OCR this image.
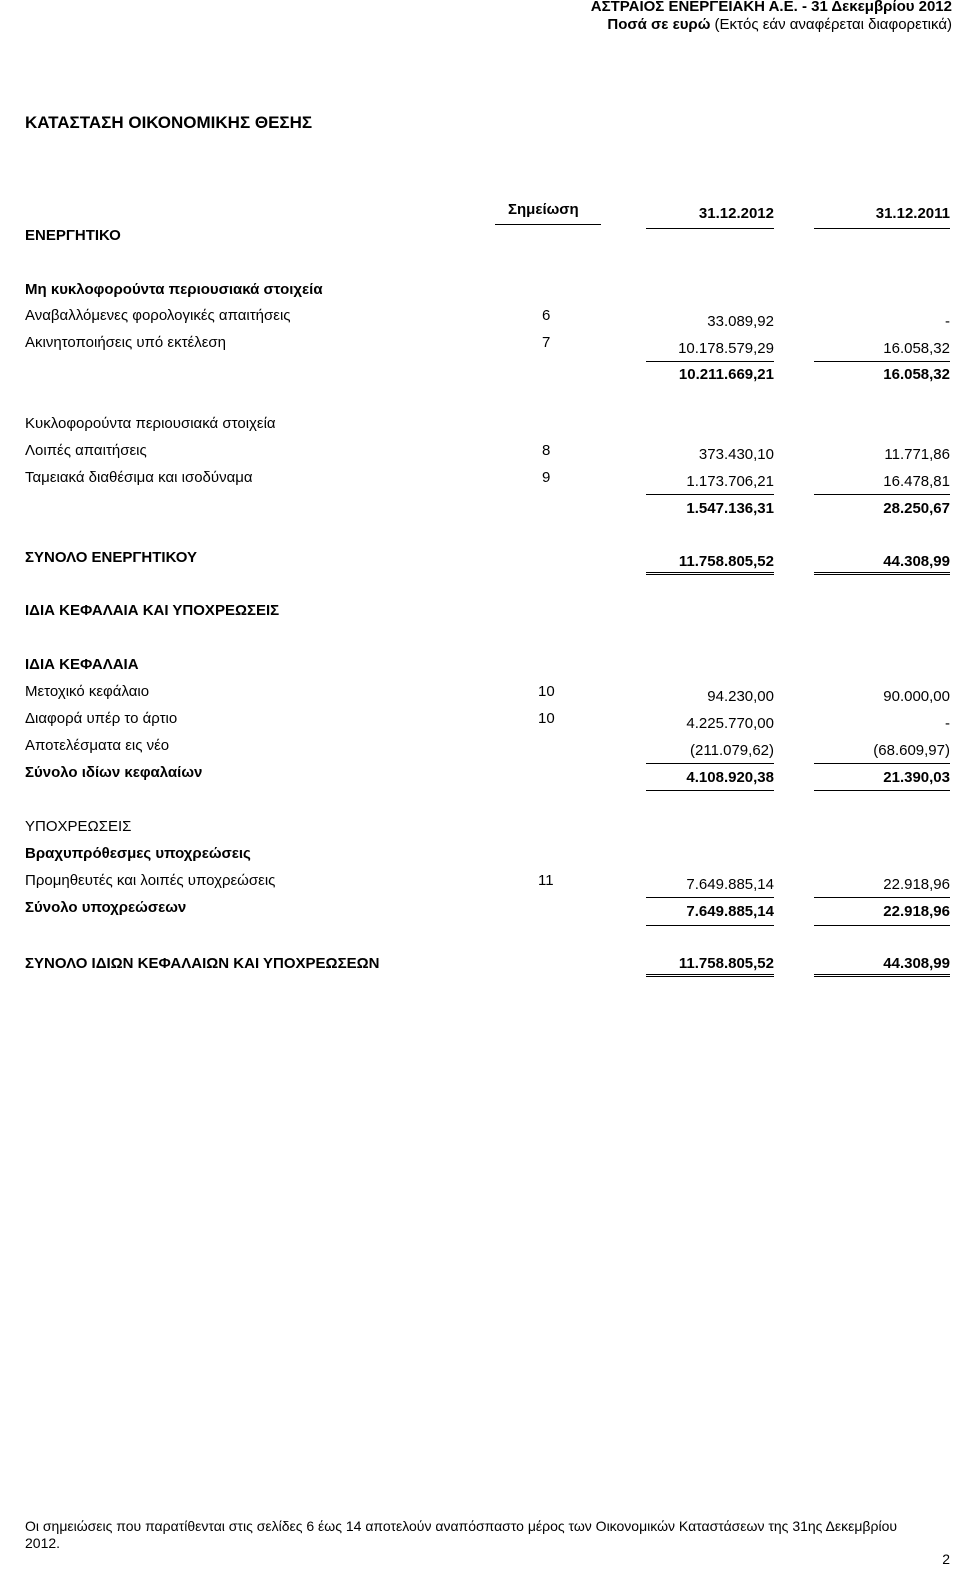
ΑΣΤΡΑΙΟΣ ΕΝΕΡΓΕΙΑΚΗ Α.Ε. - 31 Δεκεμβρίου 2012
Ποσά σε ευρώ (Εκτός εάν αναφέρεται διαφορετικά)
ΚΑΤΑΣΤΑΣΗ ΟΙΚΟΝΟΜΙΚΗΣ ΘΕΣΗΣ
Σημείωση	31.12.2012	31.12.2011
ΕΝΕΡΓΗΤΙΚΟ
Μη κυκλοφορούντα περιουσιακά στοιχεία
Αναβαλλόμενες φορολογικές απαιτήσεις	6	33.089,92	-
Ακινητοποιήσεις υπό εκτέλεση	7	10.178.579,29	16.058,32
10.211.669,21	16.058,32
Κυκλοφορούντα περιουσιακά στοιχεία
Λοιπές απαιτήσεις	8	373.430,10	11.771,86
Ταμειακά διαθέσιμα και ισοδύναμα	9	1.173.706,21	16.478,81
1.547.136,31	28.250,67
ΣΥΝΟΛΟ ΕΝΕΡΓΗΤΙΚΟΥ	11.758.805,52	44.308,99
ΙΔΙΑ ΚΕΦΑΛΑΙΑ ΚΑΙ ΥΠΟΧΡΕΩΣΕΙΣ
ΙΔΙΑ ΚΕΦΑΛΑΙΑ
Μετοχικό κεφάλαιο	10	94.230,00	90.000,00
Διαφορά υπέρ το άρτιο	10	4.225.770,00	-
Αποτελέσματα εις νέο	(211.079,62)	(68.609,97)
Σύνολο ιδίων κεφαλαίων	4.108.920,38	21.390,03
ΥΠΟΧΡΕΩΣΕΙΣ
Βραχυπρόθεσμες υποχρεώσεις
Προμηθευτές και λοιπές υποχρεώσεις	11	7.649.885,14	22.918,96
Σύνολο υποχρεώσεων	7.649.885,14	22.918,96
ΣΥΝΟΛΟ ΙΔΙΩΝ ΚΕΦΑΛΑΙΩΝ ΚΑΙ ΥΠΟΧΡΕΩΣΕΩΝ	11.758.805,52	44.308,99
Οι σημειώσεις που παρατίθενται στις σελίδες 6 έως 14 αποτελούν αναπόσπαστο μέρος των Οικονομικών Καταστάσεων της 31ης Δεκεμβρίου
2012.
2
